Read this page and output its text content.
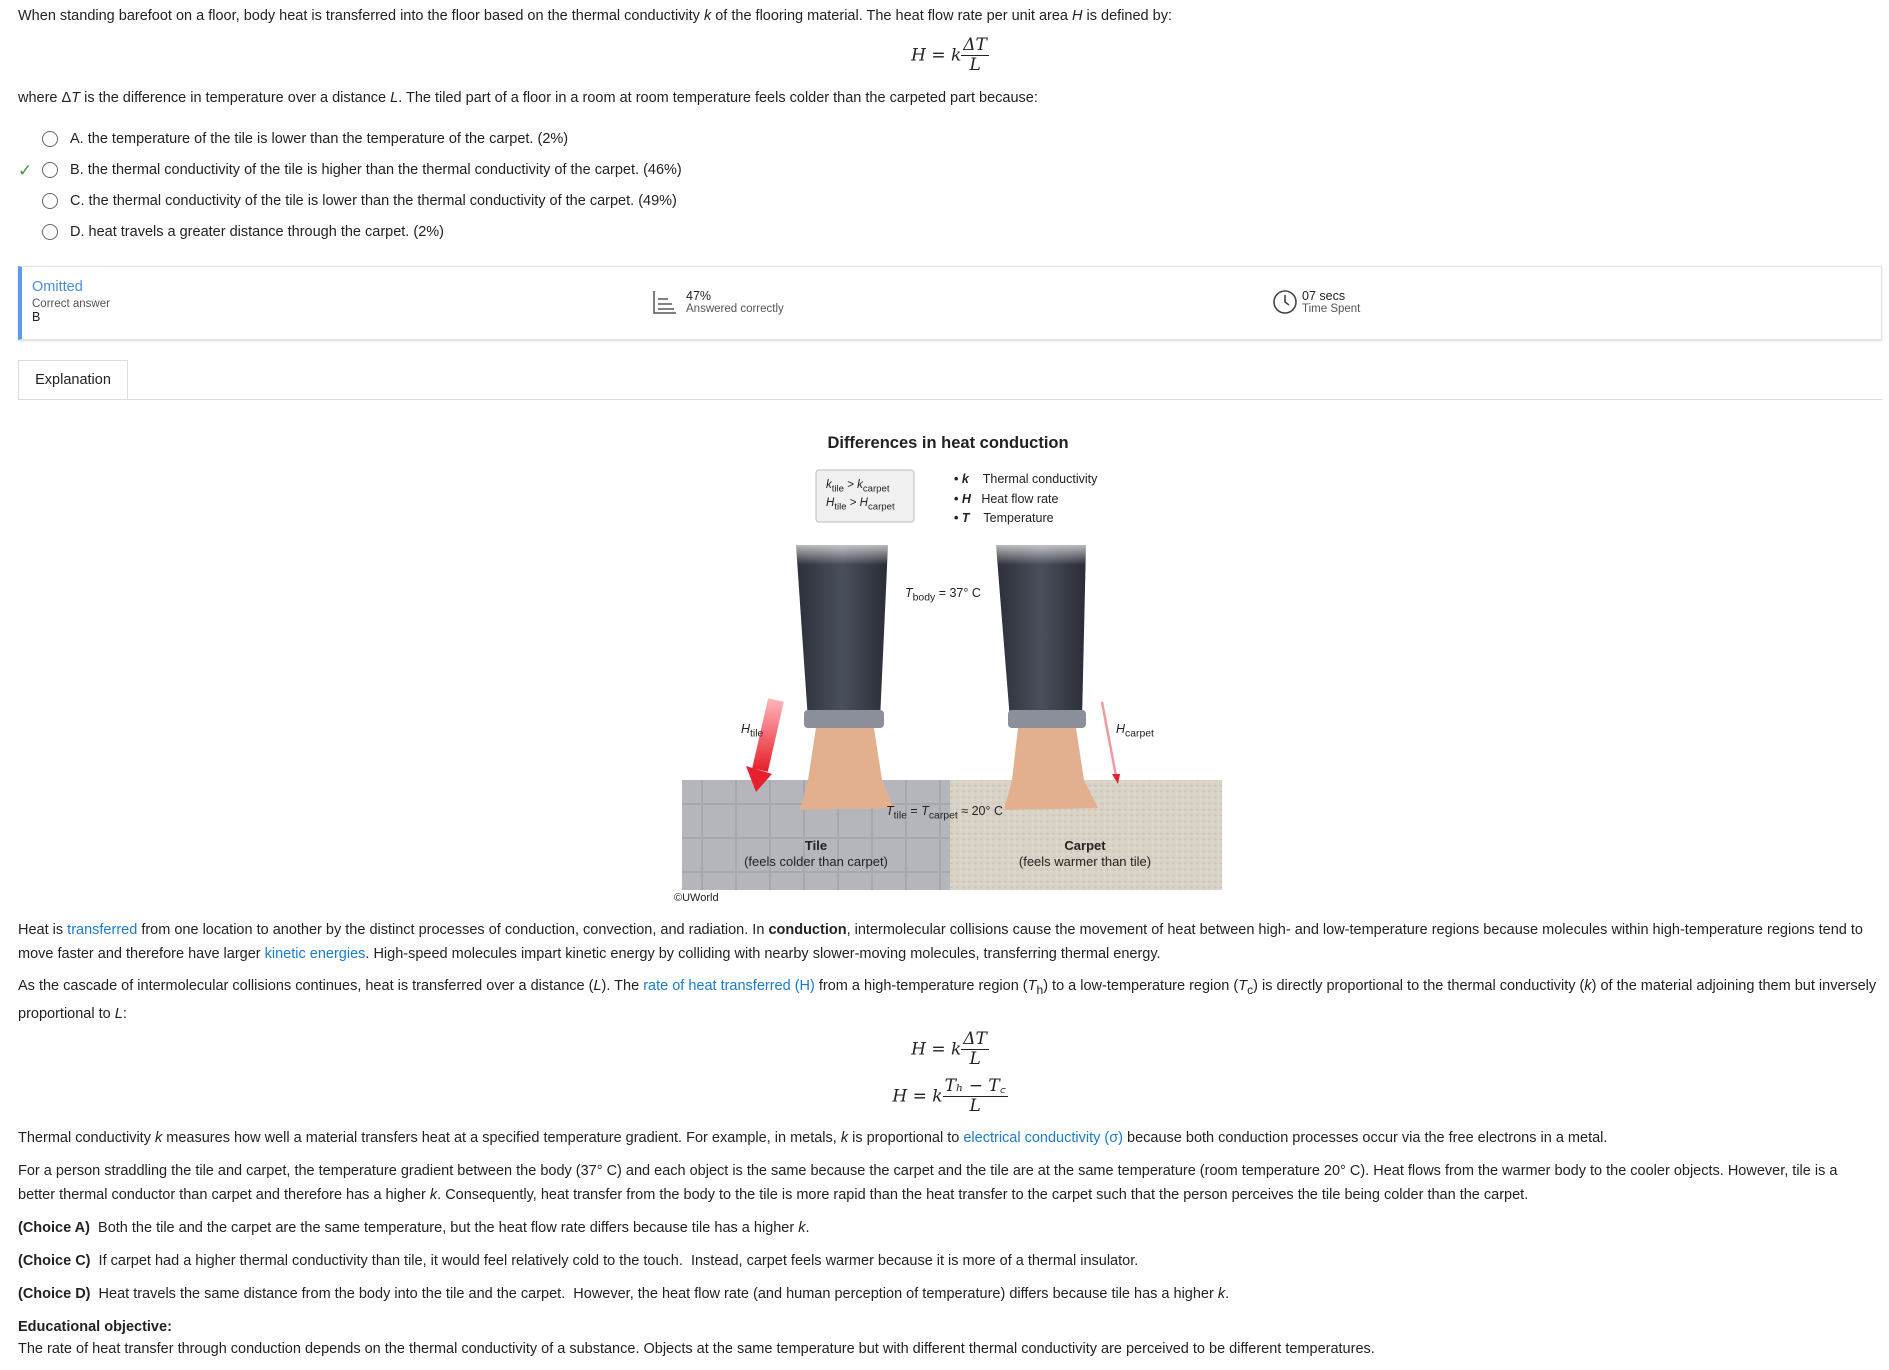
When standing barefoot on a floor, body heat is transferred into the floor based on the thermal conductivity k of the flooring material. The heat flow rate per unit area H is defined by:
H = k $\frac{\Delta T}{L}$
where ΔT is the difference in temperature over a distance L. The tiled part of a floor in a room at room temperature feels colder than the carpeted part because:
A.
the temperature of the tile is lower than the temperature of the carpet.
(2%)
✓	B.
the thermal conductivity of the tile is higher than the thermal conductivity of the carpet.
(46%)
C.
the thermal conductivity of the tile is lower than the thermal conductivity of the carpet.
(49%)
D.
heat travels a greater distance through the carpet.
(2%)
Omitted
Correct answer
B
47%
Answered correctly
07 secs
Time Spent
Explanation
Differences in heat conduction
$k_{tile} > k_{carpet}$
$H_{tile} > H_{carpet}$
• k Thermal conductivity
• H Heat flow rate
• T Temperature
$T_{body} = 37^\circ$ C
$H_{tile}$	$H_{carpet}$
$T_{tile} = T_{carpet} \approx 20^\circ$ C
Tile
(feels colder than carpet)
Carpet
(feels warmer than tile)
©UWorld
Heat is transferred from one location to another by the distinct processes of conduction, convection, and radiation. In conduction, intermolecular collisions cause the movement of heat between high- and low-temperature regions because molecules within high-temperature regions tend to move faster and therefore have larger kinetic energies. High-speed molecules impart kinetic energy by colliding with nearby slower-moving molecules, transferring thermal energy.
As the cascade of intermolecular collisions continues, heat is transferred over a distance (L). The rate of heat transferred (H) from a high-temperature region $(T_h)$ to a low-temperature region $(T_c)$ is directly proportional to the thermal conductivity (k) of the material adjoining them but inversely proportional to L:
H = k $\frac{\Delta T}{L}$
H = k $\frac{\text{Tₕ − T꜀}}{L}$
Thermal conductivity k measures how well a material transfers heat at a specified temperature gradient. For example, in metals, k is proportional to electrical conductivity (σ) because both conduction processes occur via the free electrons in a metal.
For a person straddling the tile and carpet, the temperature gradient between the body (37° C) and each object is the same because the carpet and the tile are at the same temperature (room temperature 20° C). Heat flows from the warmer body to the cooler objects. However, tile is a better thermal conductor than carpet and therefore has a higher k. Consequently, heat transfer from the body to the tile is more rapid than the heat transfer to the carpet such that the person perceives the tile being colder than the carpet.
(Choice A)  Both the tile and the carpet are the same temperature, but the heat flow rate differs because tile has a higher k.
(Choice C)  If carpet had a higher thermal conductivity than tile, it would feel relatively cold to the touch.  Instead, carpet feels warmer because it is more of a thermal insulator.
(Choice D)  Heat travels the same distance from the body into the tile and the carpet.  However, the heat flow rate (and human perception of temperature) differs because tile has a higher k.
Educational objective:
The rate of heat transfer through conduction depends on the thermal conductivity of a substance. Objects at the same temperature but with different thermal conductivity are perceived to be different temperatures.
